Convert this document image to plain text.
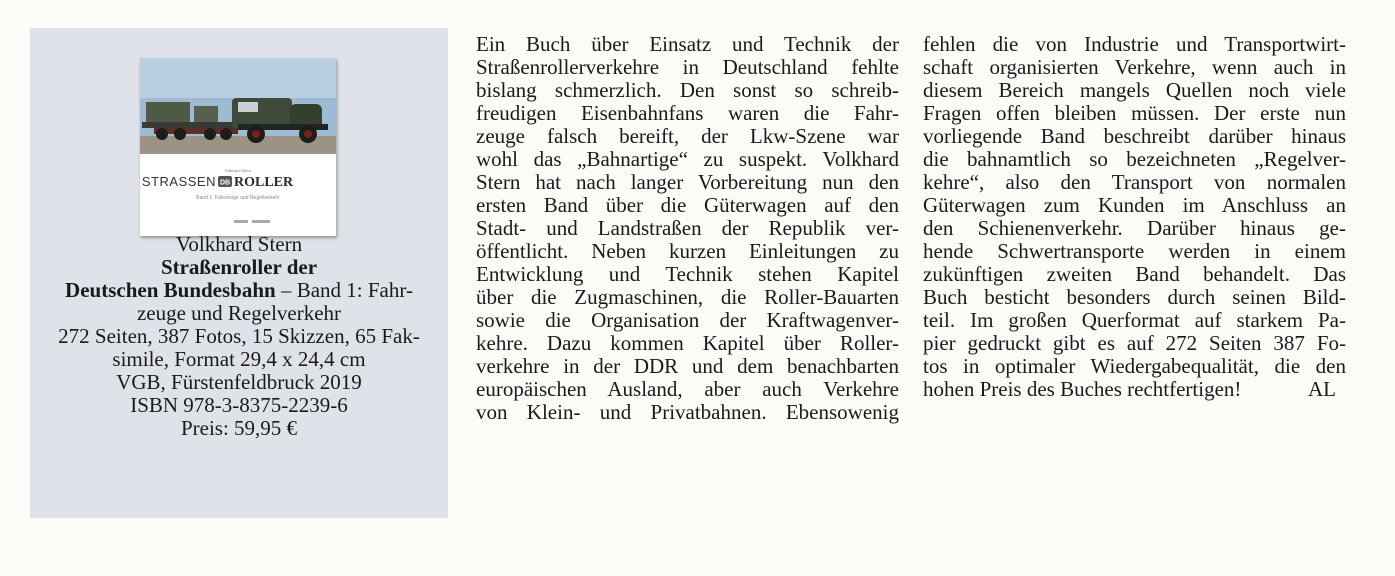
Volkhard Stern
STRASSEN DB ROLLER
Band 1: Fahrzeuge und Regelverkehr
Volkhard Stern
Straßenroller der
Deutschen Bundesbahn – Band 1: Fahr-
zeuge und Regelverkehr
272 Seiten, 387 Fotos, 15 Skizzen, 65 Fak-
simile, Format 29,4 x 24,4 cm
VGB, Fürstenfeldbruck 2019
ISBN 978-3-8375-2239-6
Preis: 59,95 €
Ein Buch über Einsatz und Technik der
Straßenrollerverkehre in Deutschland fehlte
bislang schmerzlich. Den sonst so schreib-
freudigen Eisenbahnfans waren die Fahr-
zeuge falsch bereift, der Lkw-Szene war
wohl das „Bahnartige“ zu suspekt. Volkhard
Stern hat nach langer Vorbereitung nun den
ersten Band über die Güterwagen auf den
Stadt- und Landstraßen der Republik ver-
öffentlicht. Neben kurzen Einleitungen zu
Entwicklung und Technik stehen Kapitel
über die Zugmaschinen, die Roller-Bauarten
sowie die Organisation der Kraftwagenver-
kehre. Dazu kommen Kapitel über Roller-
verkehre in der DDR und dem benachbarten
europäischen Ausland, aber auch Verkehre
von Klein- und Privatbahnen. Ebensowenig
fehlen die von Industrie und Transportwirt-
schaft organisierten Verkehre, wenn auch in
diesem Bereich mangels Quellen noch viele
Fragen offen bleiben müssen. Der erste nun
vorliegende Band beschreibt darüber hinaus
die bahnamtlich so bezeichneten „Regelver-
kehre“, also den Transport von normalen
Güterwagen zum Kunden im Anschluss an
den Schienenverkehr. Darüber hinaus ge-
hende Schwertransporte werden in einem
zukünftigen zweiten Band behandelt. Das
Buch besticht besonders durch seinen Bild-
teil. Im großen Querformat auf starkem Pa-
pier gedruckt gibt es auf 272 Seiten 387 Fo-
tos in optimaler Wiedergabequalität, die den
hohen Preis des Buches rechtfertigen!	AL
